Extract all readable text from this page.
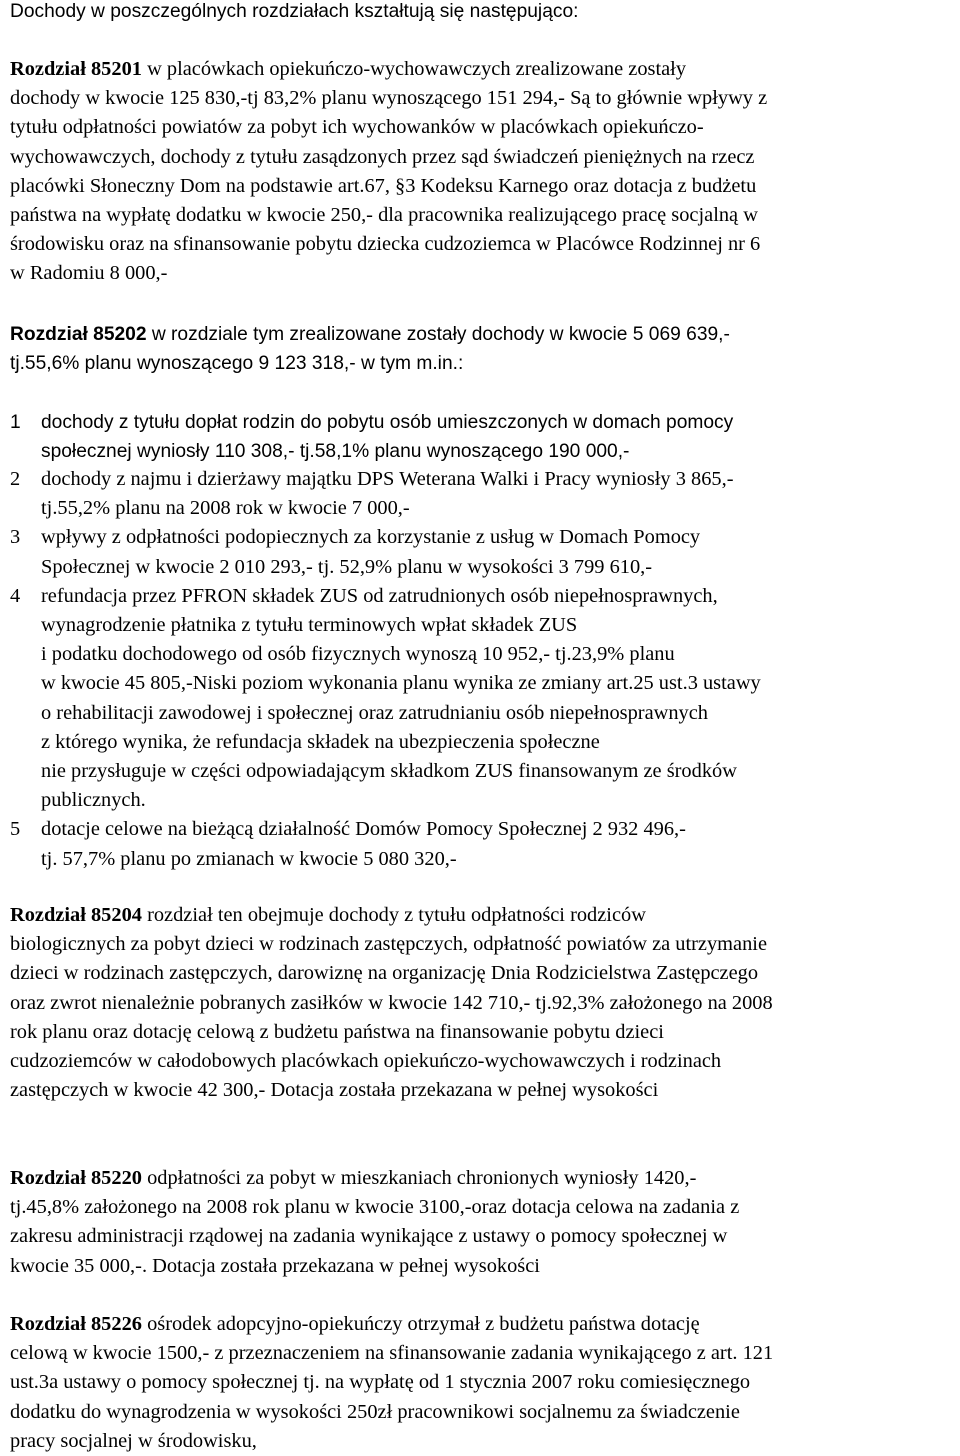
Dochody w poszczególnych rozdziałach kształtują się następująco:
Rozdział 85201 w placówkach opiekuńczo-wychowawczych zrealizowane zostały
dochody w kwocie 125 830,-tj 83,2% planu wynoszącego 151 294,- Są to głównie wpływy z
tytułu odpłatności powiatów za pobyt ich wychowanków w placówkach opiekuńczo-
wychowawczych, dochody z tytułu zasądzonych przez sąd świadczeń pieniężnych na rzecz
placówki Słoneczny Dom na podstawie art.67, §3 Kodeksu Karnego oraz dotacja z budżetu
państwa na wypłatę dodatku w kwocie 250,- dla pracownika realizującego pracę socjalną w
środowisku oraz na sfinansowanie pobytu dziecka cudzoziemca w Placówce Rodzinnej nr 6
w Radomiu 8 000,-
Rozdział 85202 w rozdziale tym zrealizowane zostały dochody w kwocie 5 069 639,-
tj.55,6% planu wynoszącego 9 123 318,- w tym m.in.:
1 dochody z tytułu dopłat rodzin do pobytu osób umieszczonych w domach pomocy
społecznej wyniosły 110 308,- tj.58,1% planu wynoszącego 190 000,-
2 dochody z najmu i dzierżawy majątku DPS Weterana Walki i Pracy wyniosły 3 865,-
tj.55,2% planu na 2008 rok w kwocie 7 000,-
3 wpływy z odpłatności podopiecznych za korzystanie z usług w Domach Pomocy
Społecznej w kwocie 2 010 293,- tj. 52,9% planu w wysokości 3 799 610,-
4 refundacja przez PFRON składek ZUS od zatrudnionych osób niepełnosprawnych,
wynagrodzenie płatnika z tytułu terminowych wpłat składek ZUS
i podatku dochodowego od osób fizycznych wynoszą 10 952,- tj.23,9% planu
w kwocie 45 805,-Niski poziom wykonania planu wynika ze zmiany art.25 ust.3 ustawy
o rehabilitacji zawodowej i społecznej oraz zatrudnianiu osób niepełnosprawnych
z którego wynika, że refundacja składek na ubezpieczenia społeczne
nie przysługuje w części odpowiadającym składkom ZUS finansowanym ze środków
publicznych.
5 dotacje celowe na bieżącą działalność Domów Pomocy Społecznej 2 932 496,-
tj. 57,7% planu po zmianach w kwocie 5 080 320,-
Rozdział 85204 rozdział ten obejmuje dochody z tytułu odpłatności rodziców
biologicznych za pobyt dzieci w rodzinach zastępczych, odpłatność powiatów za utrzymanie
dzieci w rodzinach zastępczych, darowiznę na organizację Dnia Rodzicielstwa Zastępczego
oraz zwrot nienależnie pobranych zasiłków w kwocie 142 710,- tj.92,3% założonego na 2008
rok planu oraz dotację celową z budżetu państwa na finansowanie pobytu dzieci
cudzoziemców w całodobowych placówkach opiekuńczo-wychowawczych i rodzinach
zastępczych w kwocie 42 300,- Dotacja została przekazana w pełnej wysokości
Rozdział 85220 odpłatności za pobyt w mieszkaniach chronionych wyniosły 1420,-
tj.45,8% założonego na 2008 rok planu w kwocie 3100,-oraz dotacja celowa na zadania z
zakresu administracji rządowej na zadania wynikające z ustawy o pomocy społecznej w
kwocie 35 000,-. Dotacja została przekazana w pełnej wysokości
Rozdział 85226 ośrodek adopcyjno-opiekuńczy otrzymał z budżetu państwa dotację
celową w kwocie 1500,- z przeznaczeniem na sfinansowanie zadania wynikającego z art. 121
ust.3a ustawy o pomocy społecznej tj. na wypłatę od 1 stycznia 2007 roku comiesięcznego
dodatku do wynagrodzenia w wysokości 250zł pracownikowi socjalnemu za świadczenie
pracy socjalnej w środowisku,
